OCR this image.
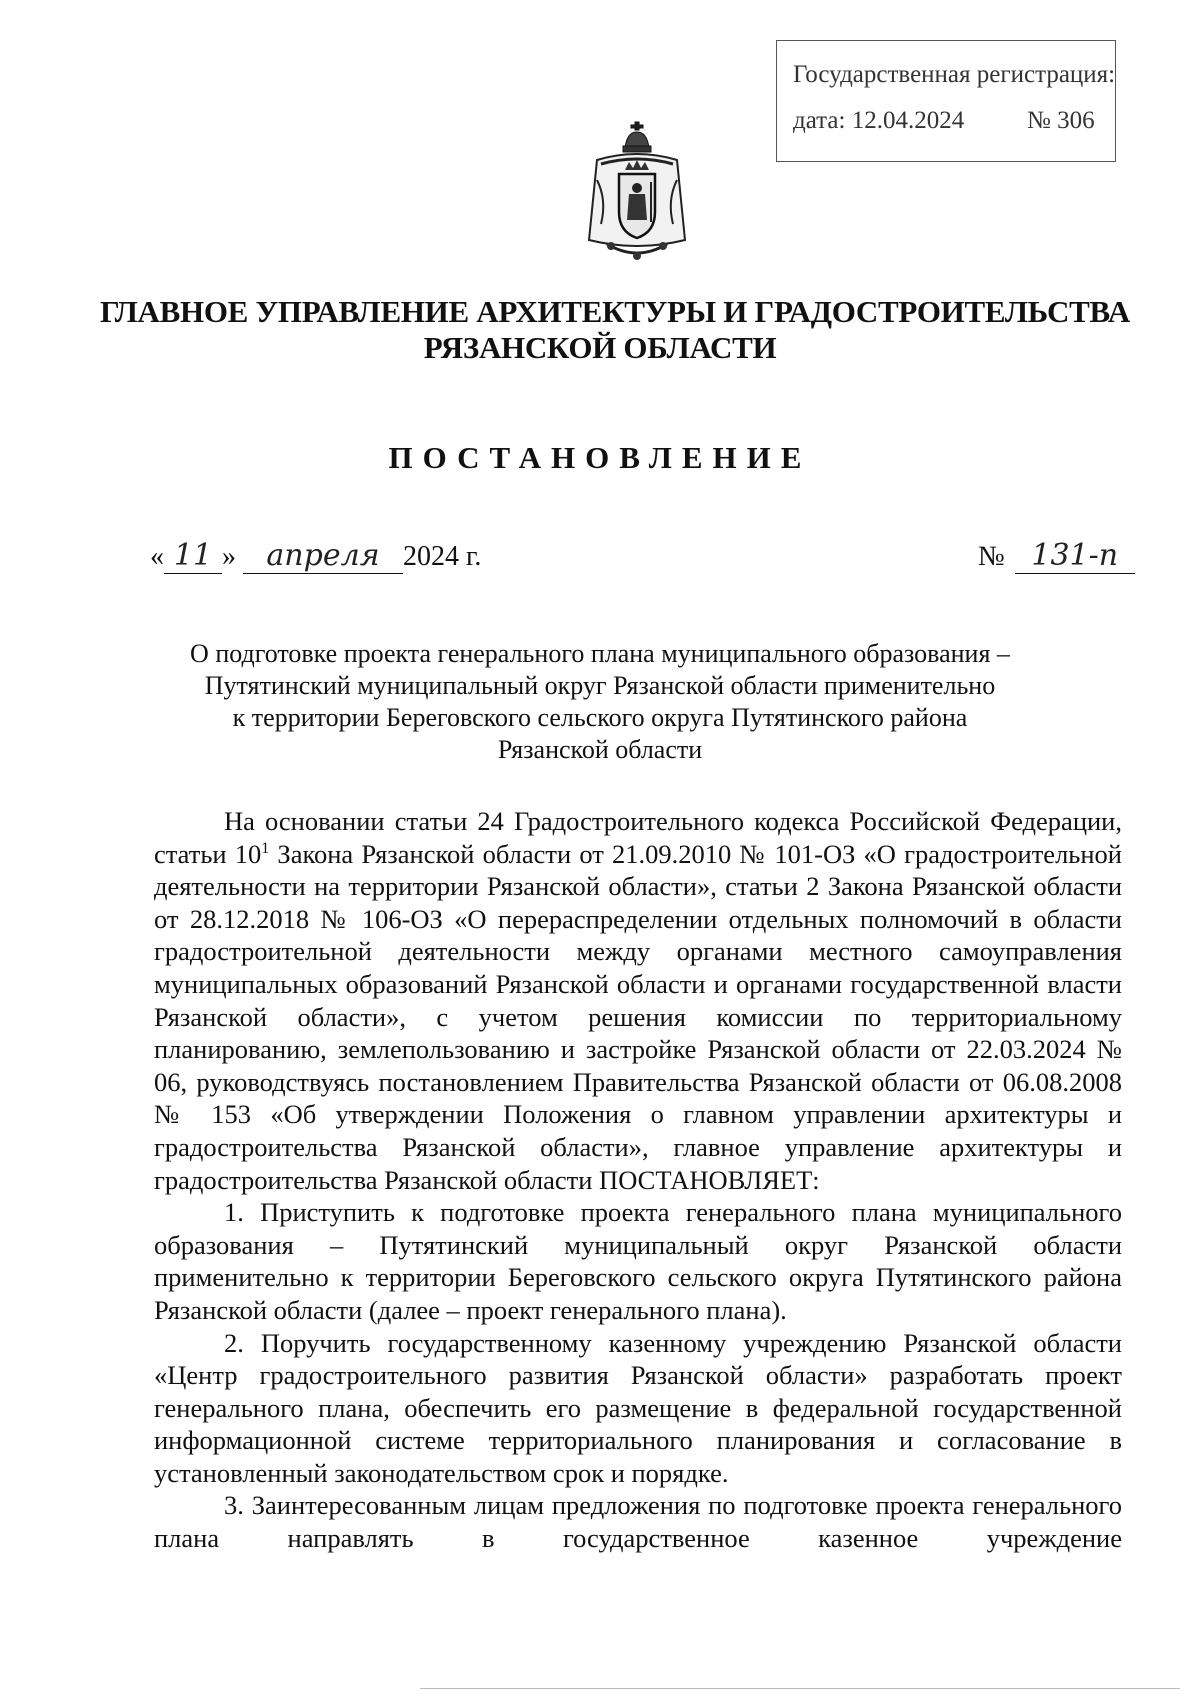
Государственная регистрация:
дата: 12.04.2024	№ 306
ГЛАВНОЕ УПРАВЛЕНИЕ АРХИТЕКТУРЫ И ГРАДОСТРОИТЕЛЬСТВА
РЯЗАНСКОЙ ОБЛАСТИ
ПОСТАНОВЛЕНИЕ
« 11 » апреля 2024 г.	№ 131-п
О подготовке проекта генерального плана муниципального образования –
Путятинский муниципальный округ Рязанской области применительно
к территории Береговского сельского округа Путятинского района
Рязанской области

На основании статьи 24 Градостроительного кодекса Российской Федерации, статьи $10^1$ Закона Рязанской области от 21.09.2010 № 101-ОЗ «О градостроительной деятельности на территории Рязанской области», статьи 2 Закона Рязанской области от 28.12.2018 № 106-ОЗ «О перераспределении отдельных полномочий в области градостроительной деятельности между органами местного самоуправления муниципальных образований Рязанской области и органами государственной власти Рязанской области», с учетом решения комиссии по территориальному планированию, землепользованию и застройке Рязанской области от 22.03.2024 № 06, руководствуясь постановлением Правительства Рязанской области от 06.08.2008 № 153 «Об утверждении Положения о главном управлении архитектуры и градостроительства Рязанской области», главное управление архитектуры и градостроительства Рязанской области ПОСТАНОВЛЯЕТ:

1. Приступить к подготовке проекта генерального плана муниципального образования – Путятинский муниципальный округ Рязанской области применительно к территории Береговского сельского округа Путятинского района Рязанской области (далее – проект генерального плана).

2. Поручить государственному казенному учреждению Рязанской области «Центр градостроительного развития Рязанской области» разработать проект генерального плана, обеспечить его размещение в федеральной государственной информационной системе территориального планирования и согласование в установленный законодательством срок и порядке.

3. Заинтересованным лицам предложения по подготовке проекта генерального плана направлять в государственное казенное учреждение
